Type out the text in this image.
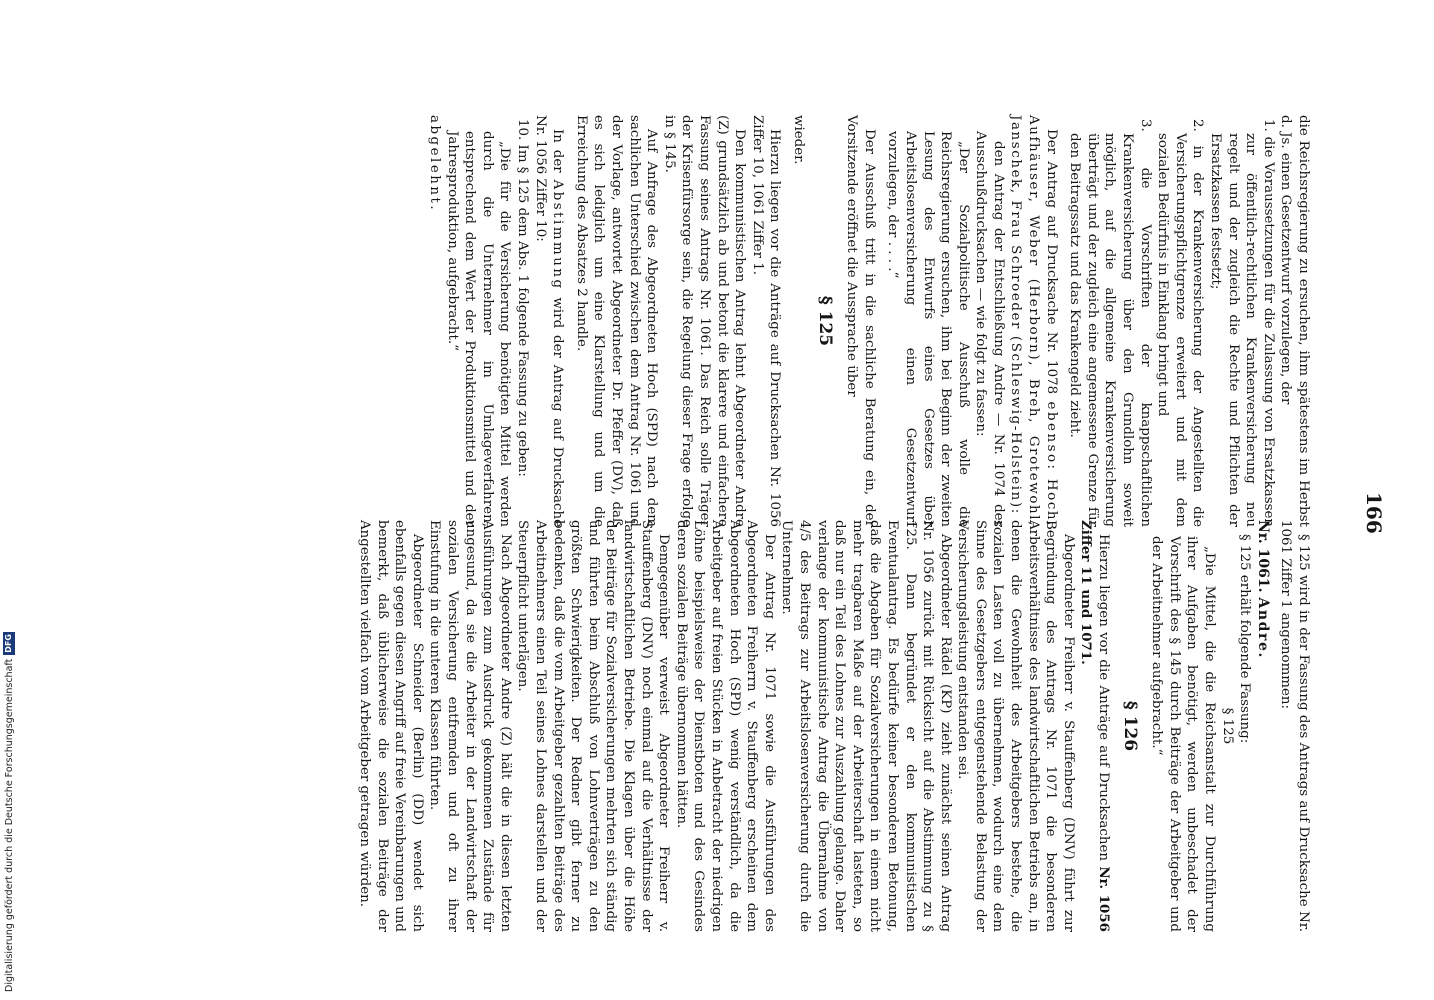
166

die Reichsregierung zu ersuchen, ihm spätestens im Herbst d. Js. einen Gesetzentwurf vorzulegen, der

1. die Voraussetzungen für die Zulassung von Ersatzkassen zur öffentlich-rechtlichen Krankenversicherung neu regelt und der zugleich die Rechte und Pflichten der Ersatzkassen festsetzt;

2. in der Krankenversicherung der Angestellten die Versicherungspflichtgrenze erweitert und mit dem sozialen Bedürfnis in Einklang bringt und

3. die Vorschriften der knappschaftlichen Krankenversicherung über den Grundlohn soweit möglich, auf die allgemeine Krankenversicherung überträgt und der zugleich eine angemessene Grenze für den Beitragssatz und das Krankengeld zieht.

Der Antrag auf Drucksache Nr. 1078 ebenso: Hoch, Aufhäuser, Weber (Herborn), Breh, Grotewohl, Janschek, Frau Schroeder (Schleswig-Holstein):

den Antrag der Entschließung Andre — Nr. 1074 der Ausschußdrucksachen — wie folgt zu fassen:

„Der Sozialpolitische Ausschuß wolle die Reichsregierung ersuchen, ihm bei Beginn der zweiten Lesung des Entwurfs eines Gesetzes über Arbeitslosenversicherung einen Gesetzentwurf vorzulegen, der . . . .“

Der Ausschuß tritt in die sachliche Beratung ein, der Vorsitzende eröffnet die Aussprache über

§ 125

wieder.

Hierzu liegen vor die Anträge auf Drucksachen Nr. 1056 Ziffer 10, 1061 Ziffer 1.

Den kommunistischen Antrag lehnt Abgeordneter Andre (Z) grundsätzlich ab und betont die klarere und einfachere Fassung seines Antrags Nr. 1061. Das Reich solle Träger der Krisenfürsorge sein, die Regelung dieser Frage erfolge in § 145.

Auf Anfrage des Abgeordneten Hoch (SPD) nach dem sachlichen Unterschied zwischen dem Antrag Nr. 1061 und der Vorlage, antwortet Abgeordneter Dr. Pfeffer (DV), daß es sich lediglich um eine Klarstellung und um die Erreichung des Absatzes 2 handle.

In der Abstimmung wird der Antrag auf Drucksache Nr. 1056 Ziffer 10:

10. Im § 125 dem Abs. 1 folgende Fassung zu geben:

„Die für die Versicherung benötigten Mittel werden durch die Unternehmer im Umlageverfahren, entsprechend dem Wert der Produktionsmittel und der Jahresproduktion, aufgebracht.“

abgelehnt.

§ 125 wird in der Fassung des Antrags auf Drucksache Nr. 1061 Ziffer 1 angenommen:

Nr. 1061. Andre.

§ 125 erhält folgende Fassung:

§ 125

„Die Mittel, die die Reichsanstalt zur Durchführung ihrer Aufgaben benötigt, werden unbeschadet der Vorschrift des § 145 durch Beiträge der Arbeitgeber und der Arbeitnehmer aufgebracht.“

§ 126

Hierzu liegen vor die Anträge auf Drucksachen Nr. 1056 Ziffer 11 und 1071.

Abgeordneter Freiherr v. Stauffenberg (DNV) führt zur Begründung des Antrags Nr. 1071 die besonderen Arbeitsverhältnisse des landwirtschaftlichen Betriebs an, in denen die Gewohnheit des Arbeitgebers bestehe, die sozialen Lasten voll zu übernehmen, wodurch eine dem Sinne des Gesetzgebers entgegenstehende Belastung der Versicherungsleistung entstanden sei.

Abgeordneter Rädel (KP) zieht zunächst seinen Antrag Nr. 1056 zurück mit Rücksicht auf die Abstimmung zu § 125. Dann begründet er den kommunistischen Eventualantrag. Es bedürfe keiner besonderen Betonung, daß die Abgaben für Sozialversicherungen in einem nicht mehr tragbaren Maße auf der Arbeiterschaft lasteten, so daß nur ein Teil des Lohnes zur Auszahlung gelange. Daher verlange der kommunistische Antrag die Übernahme von 4/5 des Beitrags zur Arbeitslosenversicherung durch die Unternehmer.

Der Antrag Nr. 1071 sowie die Ausführungen des Abgeordneten Freiherrn v. Stauffenberg erscheinen dem Abgeordneten Hoch (SPD) wenig verständlich, da die Arbeitgeber auf freien Stücken in Anbetracht der niedrigen Löhne beispielsweise der Dienstboten und des Gesindes deren sozialen Beiträge übernommen hätten.

Demgegenüber verweist Abgeordneter Freiherr v. Stauffenberg (DNV) noch einmal auf die Verhältnisse der landwirtschaftlichen Betriebe. Die Klagen über die Höhe der Beiträge für Sozialversicherungen mehrten sich ständig und führten beim Abschluß von Lohnverträgen zu den größten Schwierigkeiten. Der Redner gibt ferner zu bedenken, daß die vom Arbeitgeber gezahlten Beiträge des Arbeitnehmers einen Teil seines Lohnes darstellen und der Steuerpflicht unterlägen.

Nach Abgeordneter Andre (Z) hält die in diesen letzten Ausführungen zum Ausdruck gekommenen Zustände für ungesund, da sie die Arbeiter in der Landwirtschaft der sozialen Versicherung entfremden und oft zu ihrer Einstufung in die unteren Klassen führten.

Abgeordneter Schneider (Berlin) (DD) wendet sich ebenfalls gegen diesen Angriff auf freie Vereinbarungen und bemerkt, daß üblicherweise die sozialen Beiträge der Angestellten vielfach vom Arbeitgeber getragen würden.

Digitalisierung gefördert durch die Deutsche Forschungsgemeinschaft
DFG
